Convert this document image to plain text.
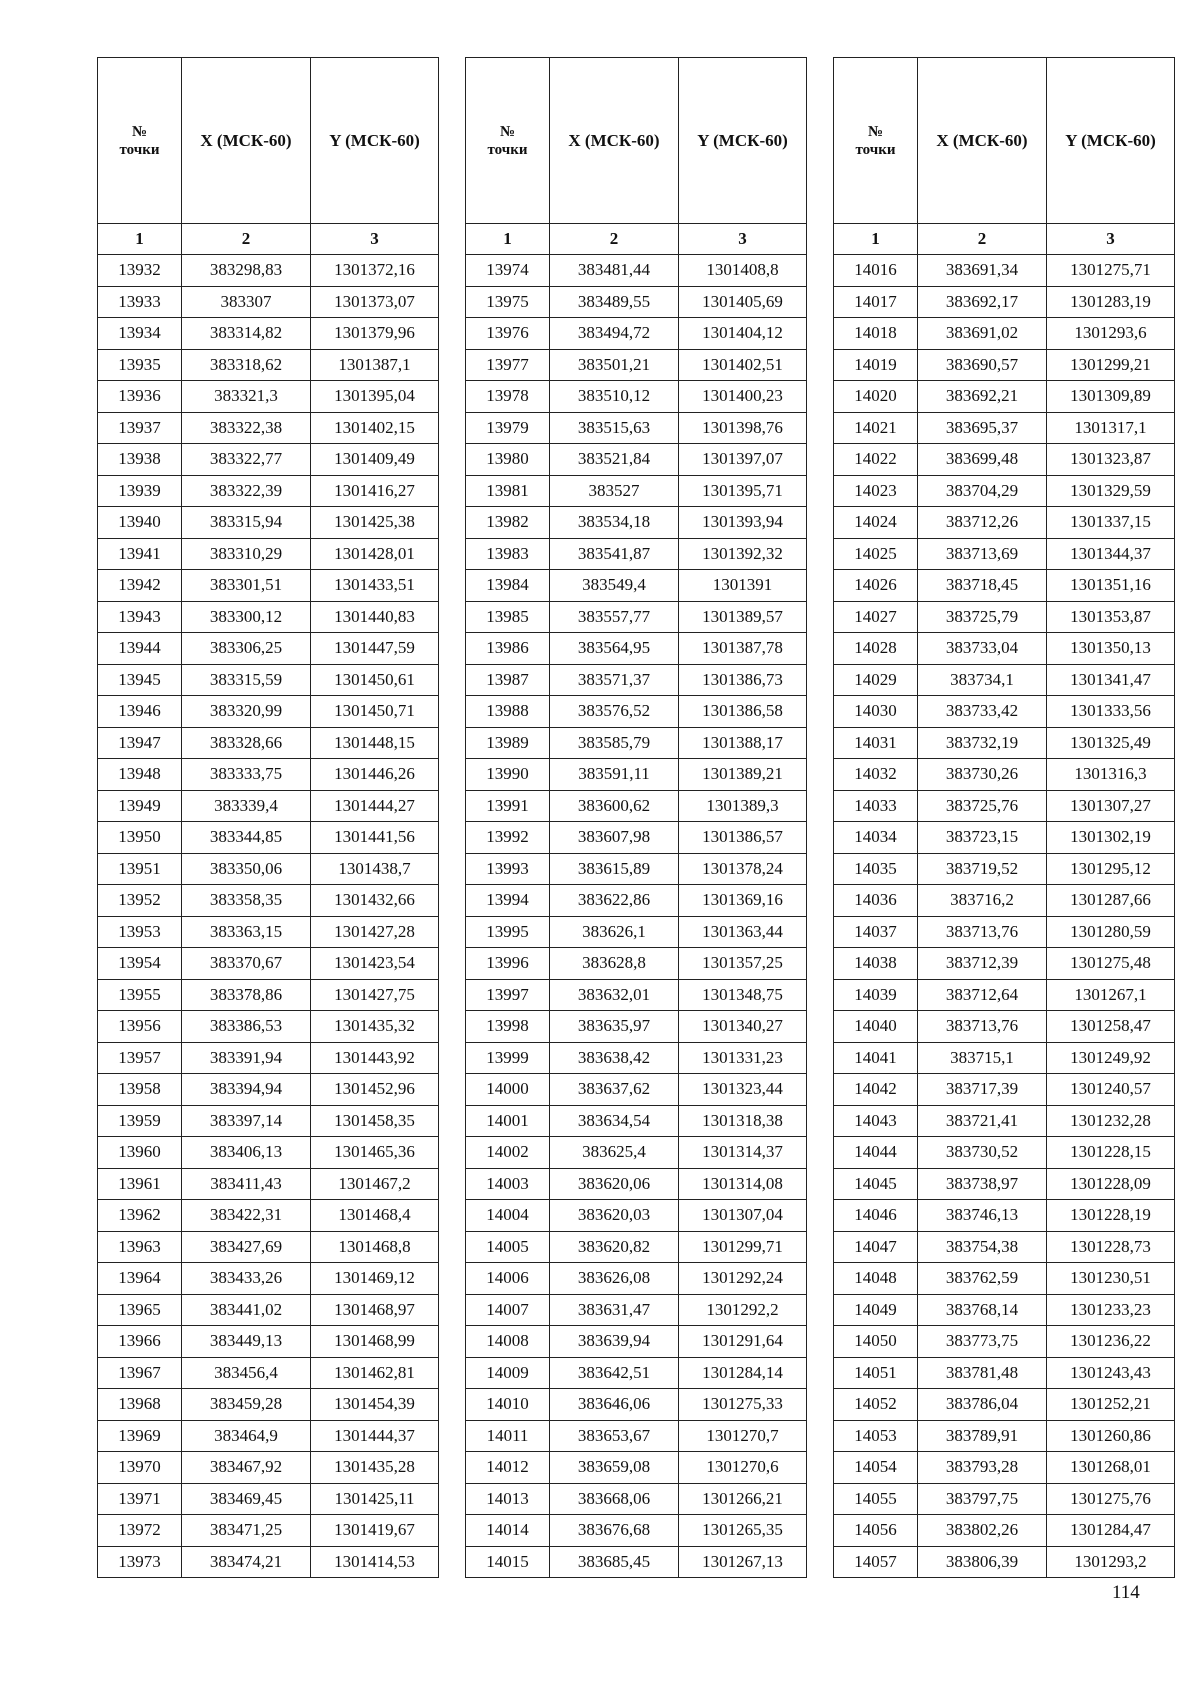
№
точки	X (МСК-60)	Y (МСК-60)
1	2	3
13932	383298,83	1301372,16
13933	383307	1301373,07
13934	383314,82	1301379,96
13935	383318,62	1301387,1
13936	383321,3	1301395,04
13937	383322,38	1301402,15
13938	383322,77	1301409,49
13939	383322,39	1301416,27
13940	383315,94	1301425,38
13941	383310,29	1301428,01
13942	383301,51	1301433,51
13943	383300,12	1301440,83
13944	383306,25	1301447,59
13945	383315,59	1301450,61
13946	383320,99	1301450,71
13947	383328,66	1301448,15
13948	383333,75	1301446,26
13949	383339,4	1301444,27
13950	383344,85	1301441,56
13951	383350,06	1301438,7
13952	383358,35	1301432,66
13953	383363,15	1301427,28
13954	383370,67	1301423,54
13955	383378,86	1301427,75
13956	383386,53	1301435,32
13957	383391,94	1301443,92
13958	383394,94	1301452,96
13959	383397,14	1301458,35
13960	383406,13	1301465,36
13961	383411,43	1301467,2
13962	383422,31	1301468,4
13963	383427,69	1301468,8
13964	383433,26	1301469,12
13965	383441,02	1301468,97
13966	383449,13	1301468,99
13967	383456,4	1301462,81
13968	383459,28	1301454,39
13969	383464,9	1301444,37
13970	383467,92	1301435,28
13971	383469,45	1301425,11
13972	383471,25	1301419,67
13973	383474,21	1301414,53
№
точки	X (МСК-60)	Y (МСК-60)
1	2	3
13974	383481,44	1301408,8
13975	383489,55	1301405,69
13976	383494,72	1301404,12
13977	383501,21	1301402,51
13978	383510,12	1301400,23
13979	383515,63	1301398,76
13980	383521,84	1301397,07
13981	383527	1301395,71
13982	383534,18	1301393,94
13983	383541,87	1301392,32
13984	383549,4	1301391
13985	383557,77	1301389,57
13986	383564,95	1301387,78
13987	383571,37	1301386,73
13988	383576,52	1301386,58
13989	383585,79	1301388,17
13990	383591,11	1301389,21
13991	383600,62	1301389,3
13992	383607,98	1301386,57
13993	383615,89	1301378,24
13994	383622,86	1301369,16
13995	383626,1	1301363,44
13996	383628,8	1301357,25
13997	383632,01	1301348,75
13998	383635,97	1301340,27
13999	383638,42	1301331,23
14000	383637,62	1301323,44
14001	383634,54	1301318,38
14002	383625,4	1301314,37
14003	383620,06	1301314,08
14004	383620,03	1301307,04
14005	383620,82	1301299,71
14006	383626,08	1301292,24
14007	383631,47	1301292,2
14008	383639,94	1301291,64
14009	383642,51	1301284,14
14010	383646,06	1301275,33
14011	383653,67	1301270,7
14012	383659,08	1301270,6
14013	383668,06	1301266,21
14014	383676,68	1301265,35
14015	383685,45	1301267,13
№
точки	X (МСК-60)	Y (МСК-60)
1	2	3
14016	383691,34	1301275,71
14017	383692,17	1301283,19
14018	383691,02	1301293,6
14019	383690,57	1301299,21
14020	383692,21	1301309,89
14021	383695,37	1301317,1
14022	383699,48	1301323,87
14023	383704,29	1301329,59
14024	383712,26	1301337,15
14025	383713,69	1301344,37
14026	383718,45	1301351,16
14027	383725,79	1301353,87
14028	383733,04	1301350,13
14029	383734,1	1301341,47
14030	383733,42	1301333,56
14031	383732,19	1301325,49
14032	383730,26	1301316,3
14033	383725,76	1301307,27
14034	383723,15	1301302,19
14035	383719,52	1301295,12
14036	383716,2	1301287,66
14037	383713,76	1301280,59
14038	383712,39	1301275,48
14039	383712,64	1301267,1
14040	383713,76	1301258,47
14041	383715,1	1301249,92
14042	383717,39	1301240,57
14043	383721,41	1301232,28
14044	383730,52	1301228,15
14045	383738,97	1301228,09
14046	383746,13	1301228,19
14047	383754,38	1301228,73
14048	383762,59	1301230,51
14049	383768,14	1301233,23
14050	383773,75	1301236,22
14051	383781,48	1301243,43
14052	383786,04	1301252,21
14053	383789,91	1301260,86
14054	383793,28	1301268,01
14055	383797,75	1301275,76
14056	383802,26	1301284,47
14057	383806,39	1301293,2
114
